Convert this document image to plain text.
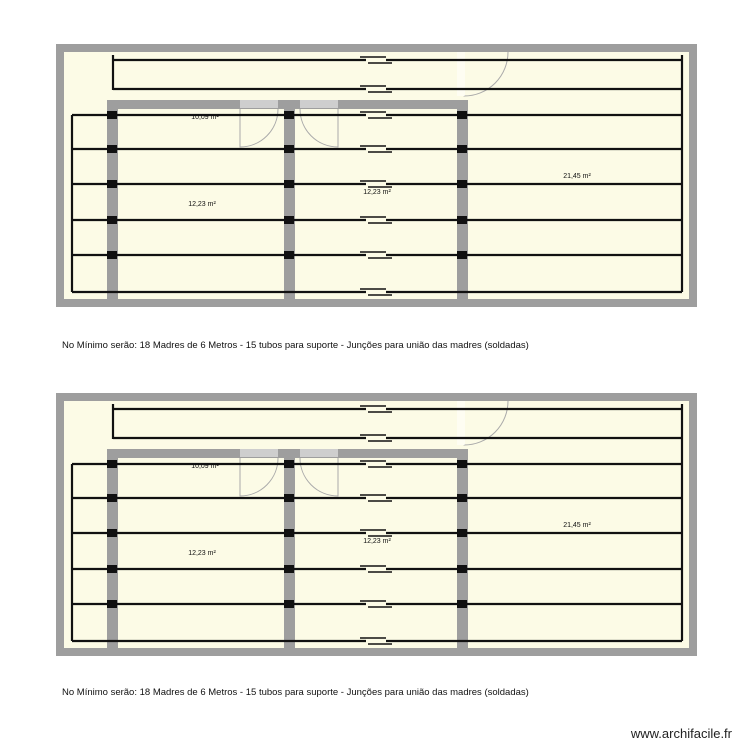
10,09 m²
12,23 m²
12,23 m²
21,45 m²
10,09 m²
12,23 m²
12,23 m²
21,45 m²
No Mínimo serão: 18 Madres de 6 Metros - 15 tubos para suporte - Junções para união das madres (soldadas)
No Mínimo serão: 18 Madres de 6 Metros - 15 tubos para suporte - Junções para união das madres (soldadas)
www.archifacile.fr
